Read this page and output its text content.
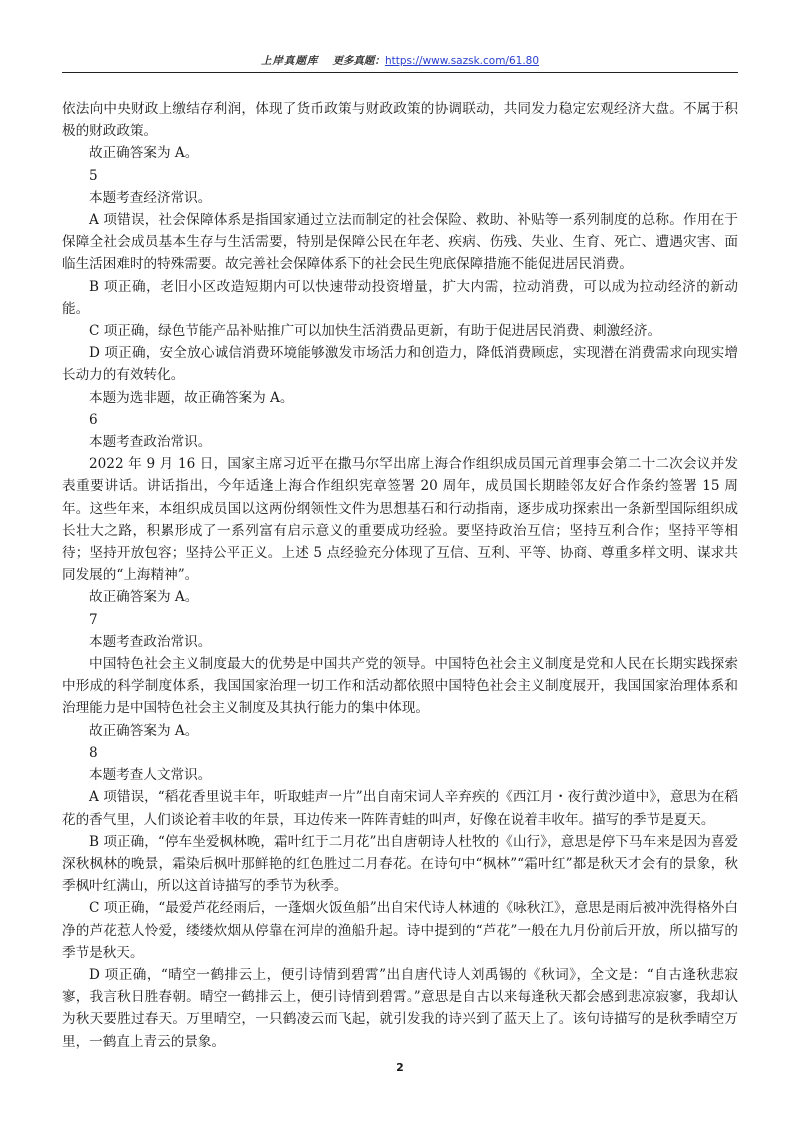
上岸真题库 更多真题：https://www.sazsk.com/61.80

依法向中央财政上缴结存利润，体现了货币政策与财政政策的协调联动，共同发力稳定宏观经济大盘。不属于积极的财政政策。

故正确答案为 A。

5

本题考查经济常识。

A 项错误，社会保障体系是指国家通过立法而制定的社会保险、救助、补贴等一系列制度的总称。作用在于保障全社会成员基本生存与生活需要，特别是保障公民在年老、疾病、伤残、失业、生育、死亡、遭遇灾害、面临生活困难时的特殊需要。故完善社会保障体系下的社会民生兜底保障措施不能促进居民消费。

B 项正确，老旧小区改造短期内可以快速带动投资增量，扩大内需，拉动消费，可以成为拉动经济的新动能。

C 项正确，绿色节能产品补贴推广可以加快生活消费品更新，有助于促进居民消费、刺激经济。

D 项正确，安全放心诚信消费环境能够激发市场活力和创造力，降低消费顾虑，实现潜在消费需求向现实增长动力的有效转化。

本题为选非题，故正确答案为 A。

6

本题考查政治常识。

2022 年 9 月 16 日，国家主席习近平在撒马尔罕出席上海合作组织成员国元首理事会第二十二次会议并发表重要讲话。讲话指出，今年适逢上海合作组织宪章签署 20 周年，成员国长期睦邻友好合作条约签署 15 周年。这些年来，本组织成员国以这两份纲领性文件为思想基石和行动指南，逐步成功探索出一条新型国际组织成长壮大之路，积累形成了一系列富有启示意义的重要成功经验。要坚持政治互信；坚持互利合作；坚持平等相待；坚持开放包容；坚持公平正义。上述 5 点经验充分体现了互信、互利、平等、协商、尊重多样文明、谋求共同发展的“上海精神”。

故正确答案为 A。

7

本题考查政治常识。

中国特色社会主义制度最大的优势是中国共产党的领导。中国特色社会主义制度是党和人民在长期实践探索中形成的科学制度体系，我国国家治理一切工作和活动都依照中国特色社会主义制度展开，我国国家治理体系和治理能力是中国特色社会主义制度及其执行能力的集中体现。

故正确答案为 A。

8

本题考查人文常识。

A 项错误，“稻花香里说丰年，听取蛙声一片”出自南宋词人辛弃疾的《西江月・夜行黄沙道中》，意思为在稻花的香气里，人们谈论着丰收的年景，耳边传来一阵阵青蛙的叫声，好像在说着丰收年。描写的季节是夏天。

B 项正确，“停车坐爱枫林晚，霜叶红于二月花”出自唐朝诗人杜牧的《山行》，意思是停下马车来是因为喜爱深秋枫林的晚景，霜染后枫叶那鲜艳的红色胜过二月春花。在诗句中“枫林”“霜叶红”都是秋天才会有的景象，秋季枫叶红满山，所以这首诗描写的季节为秋季。

C 项正确，“最爱芦花经雨后，一蓬烟火饭鱼船”出自宋代诗人林逋的《咏秋江》，意思是雨后被冲洗得格外白净的芦花惹人怜爱，缕缕炊烟从停靠在河岸的渔船升起。诗中提到的“芦花”一般在九月份前后开放，所以描写的季节是秋天。

D 项正确，“晴空一鹤排云上，便引诗情到碧霄”出自唐代诗人刘禹锡的《秋词》，全文是：“自古逢秋悲寂寥，我言秋日胜春朝。晴空一鹤排云上，便引诗情到碧霄。”意思是自古以来每逢秋天都会感到悲凉寂寥，我却认为秋天要胜过春天。万里晴空，一只鹤凌云而飞起，就引发我的诗兴到了蓝天上了。该句诗描写的是秋季晴空万里，一鹤直上青云的景象。

2
